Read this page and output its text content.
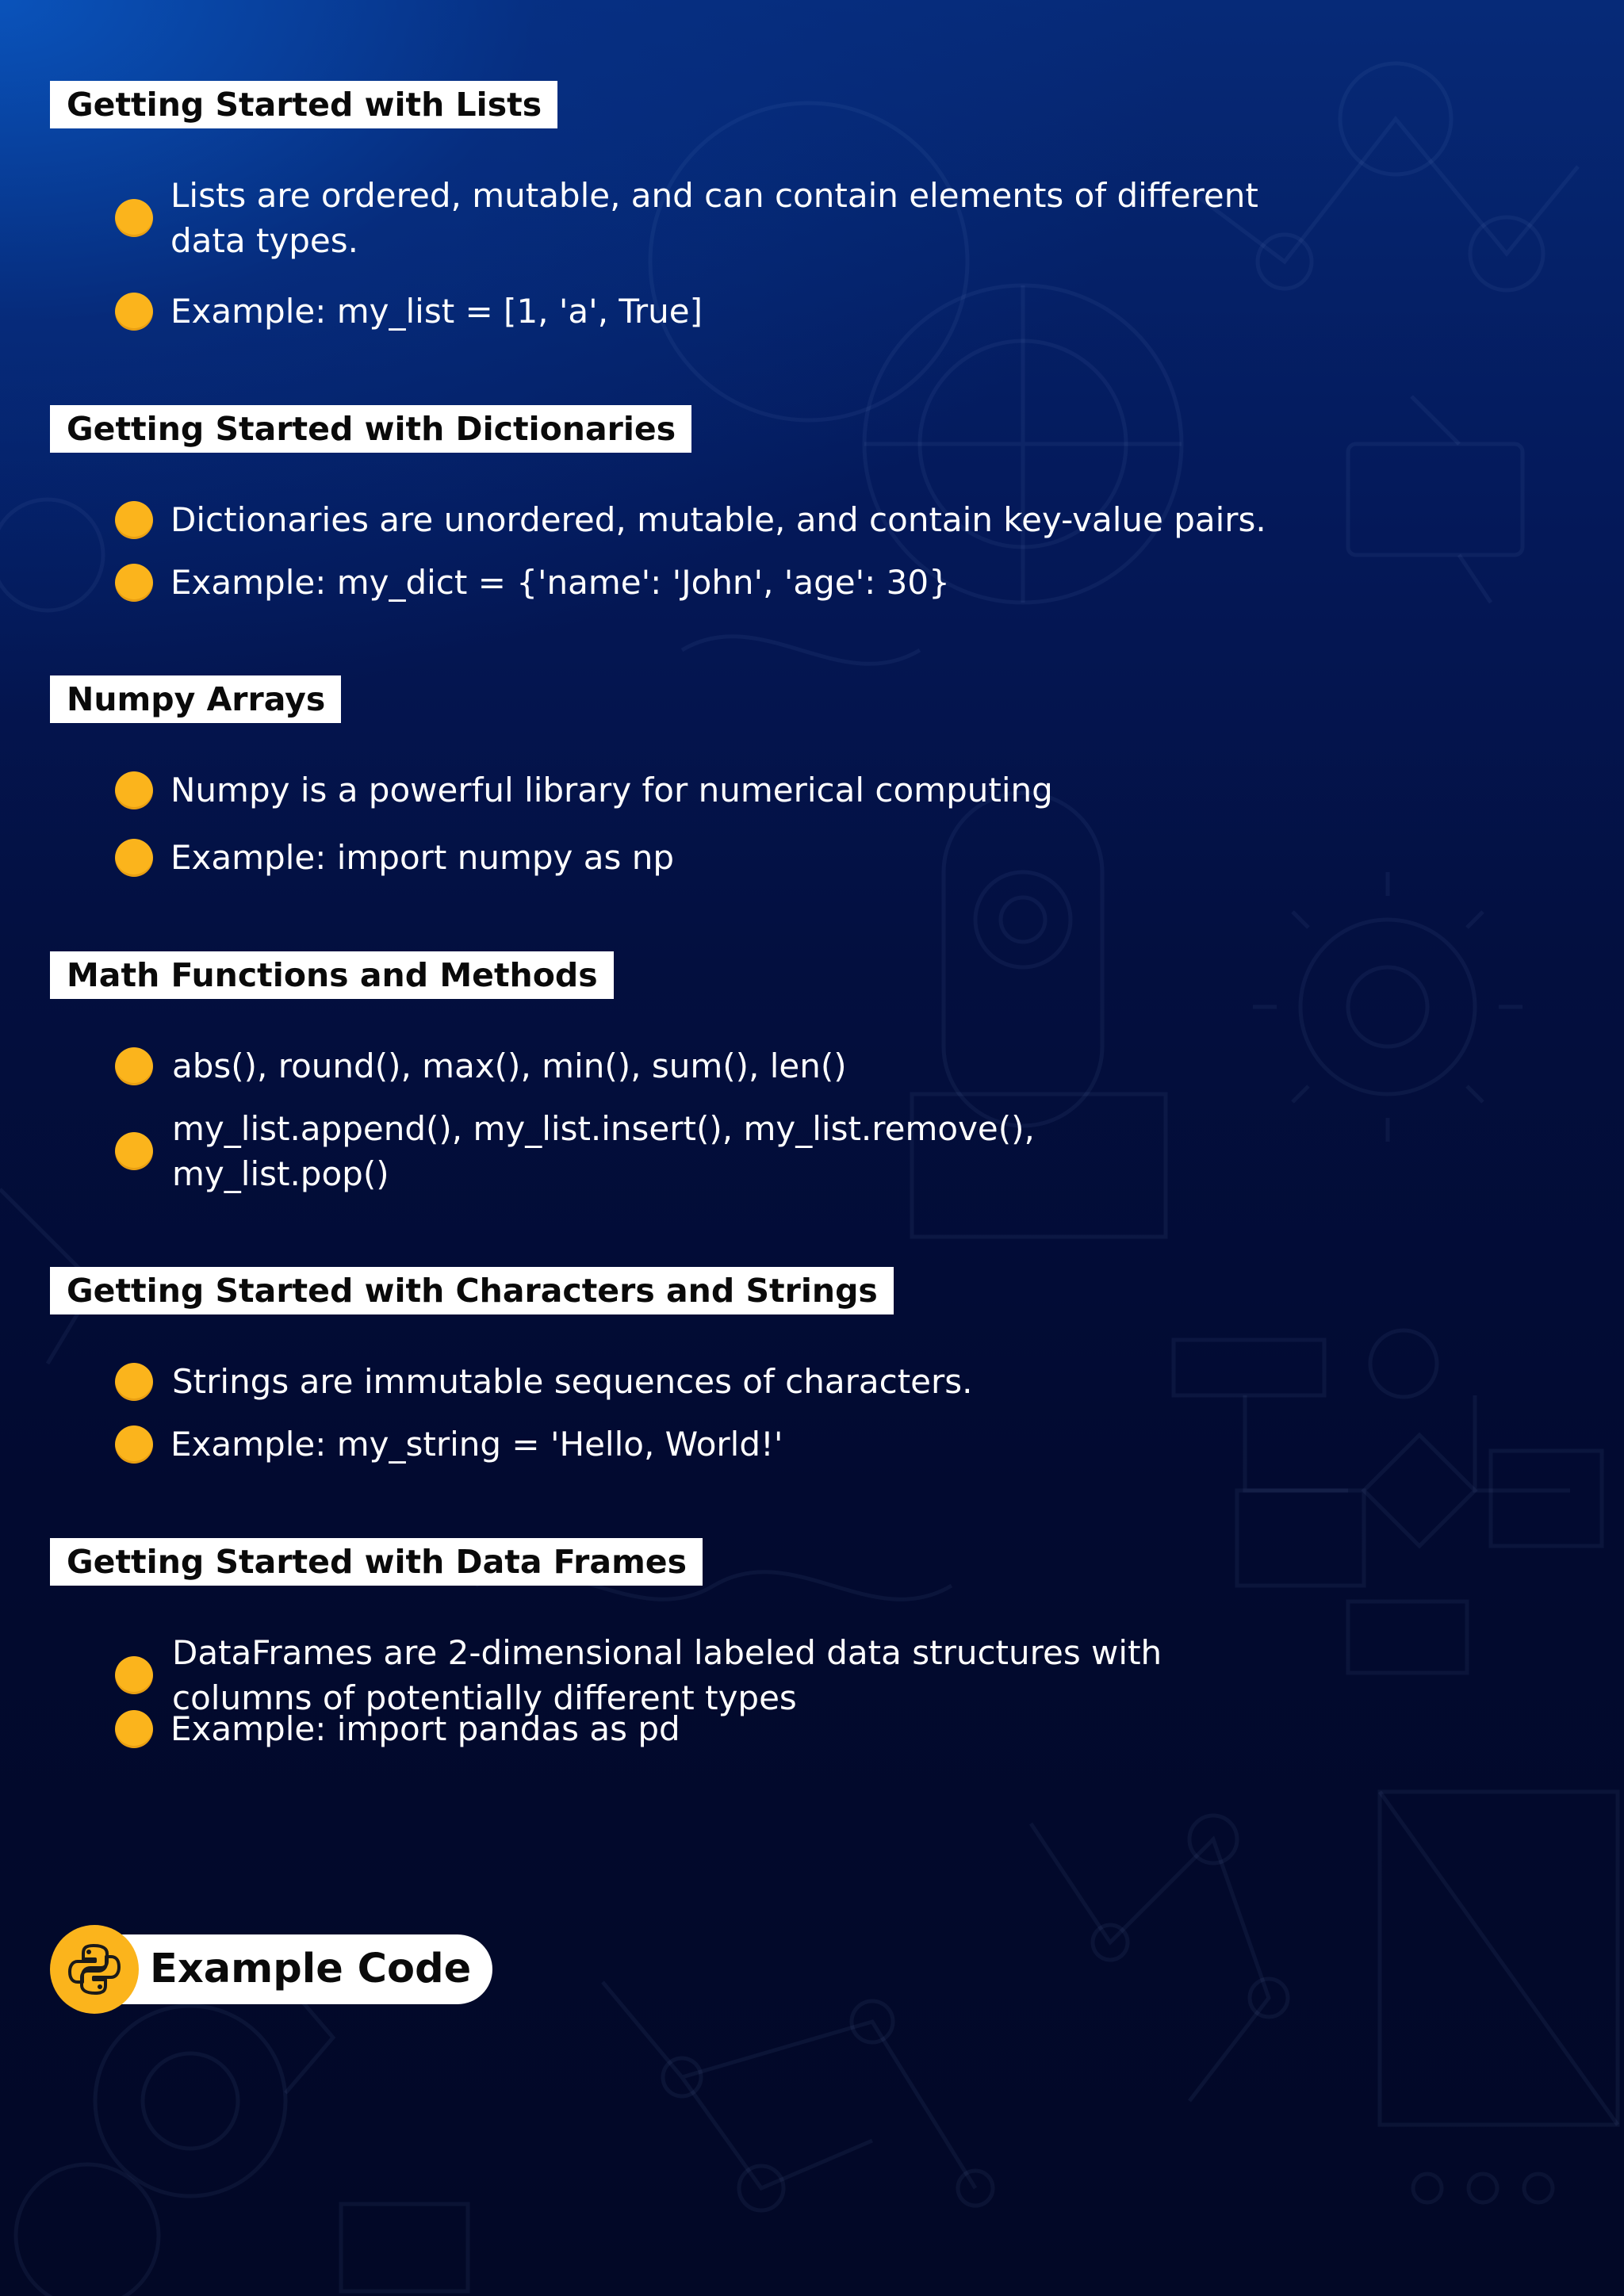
Getting Started with Lists
Lists are ordered, mutable, and can contain elements of different
data types.
Example: my_list = [1, 'a', True]
Getting Started with Dictionaries
Dictionaries are unordered, mutable, and contain key-value pairs.
Example: my_dict = {'name': 'John', 'age': 30}
Numpy Arrays
Numpy is a powerful library for numerical computing
Example: import numpy as np
Math Functions and Methods
abs(), round(), max(), min(), sum(), len()
my_list.append(), my_list.insert(), my_list.remove(),
my_list.pop()
Getting Started with Characters and Strings
Strings are immutable sequences of characters.
Example: my_string = 'Hello, World!'
Getting Started with Data Frames
DataFrames are 2-dimensional labeled data structures with
columns of potentially different types
Example: import pandas as pd
Example Code
